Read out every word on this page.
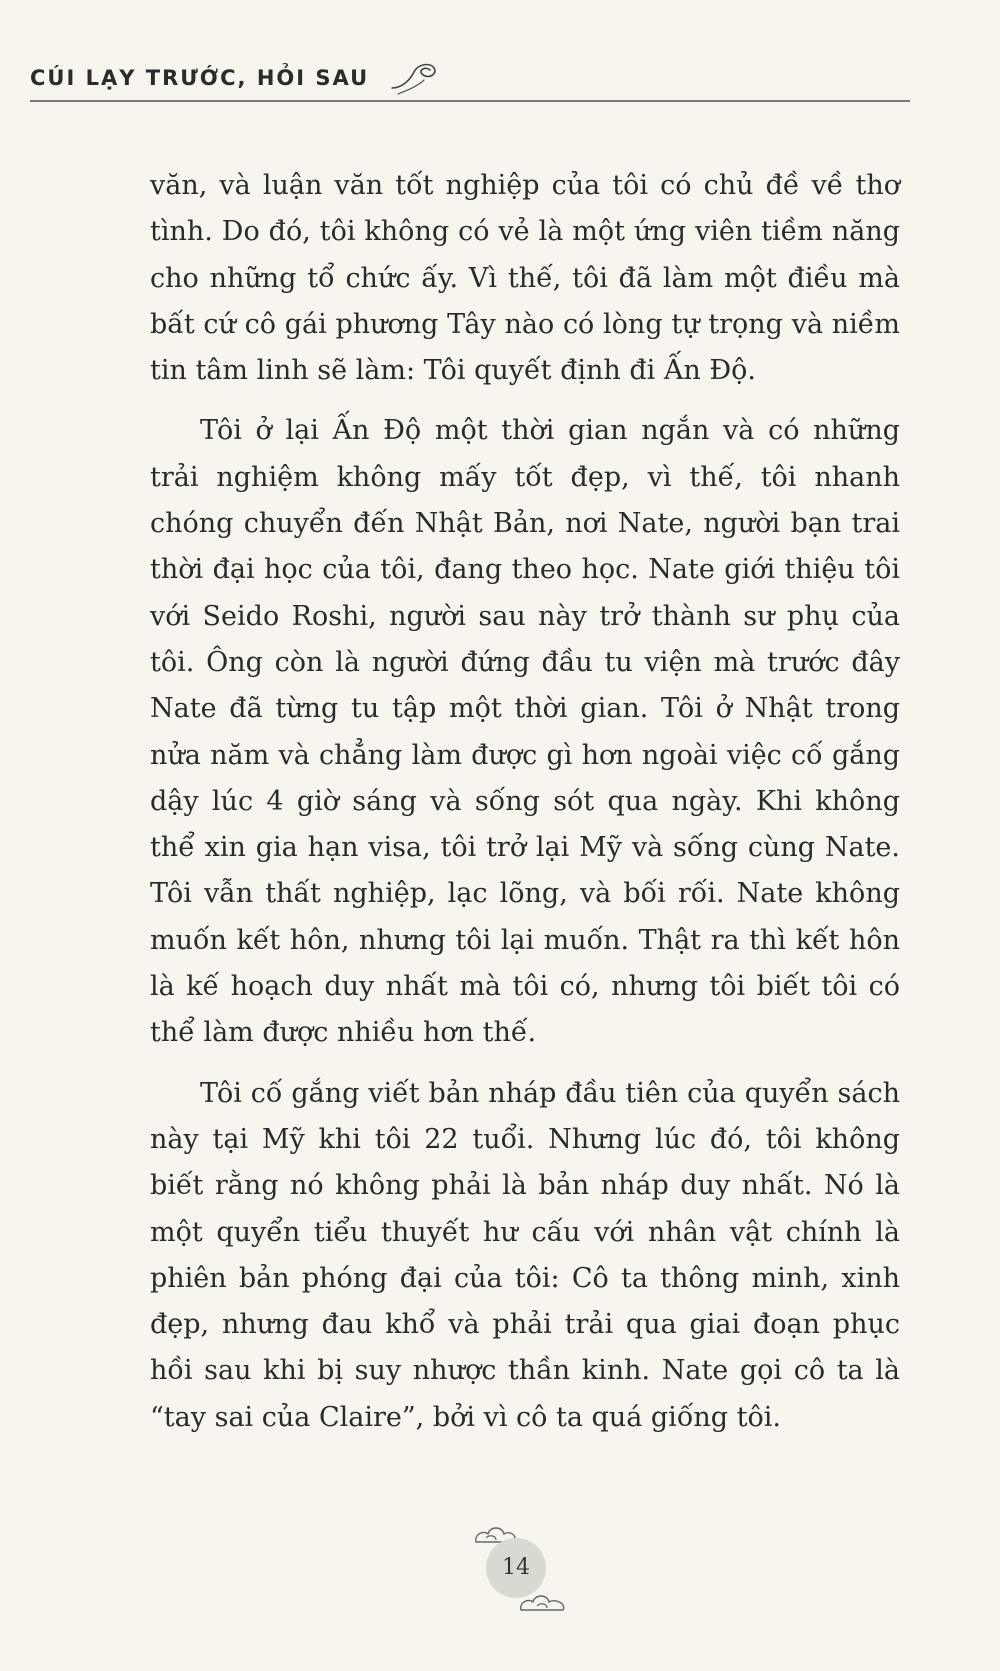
CÚI LẠY TRƯỚC, HỎI SAU

văn, và luận văn tốt nghiệp của tôi có chủ đề về thơ tình. Do đó, tôi không có vẻ là một ứng viên tiềm năng cho những tổ chức ấy. Vì thế, tôi đã làm một điều mà bất cứ cô gái phương Tây nào có lòng tự trọng và niềm tin tâm linh sẽ làm: Tôi quyết định đi Ấn Độ.

Tôi ở lại Ấn Độ một thời gian ngắn và có những trải nghiệm không mấy tốt đẹp, vì thế, tôi nhanh chóng chuyển đến Nhật Bản, nơi Nate, người bạn trai thời đại học của tôi, đang theo học. Nate giới thiệu tôi với Seido Roshi, người sau này trở thành sư phụ của tôi. Ông còn là người đứng đầu tu viện mà trước đây Nate đã từng tu tập một thời gian. Tôi ở Nhật trong nửa năm và chẳng làm được gì hơn ngoài việc cố gắng dậy lúc 4 giờ sáng và sống sót qua ngày. Khi không thể xin gia hạn visa, tôi trở lại Mỹ và sống cùng Nate. Tôi vẫn thất nghiệp, lạc lõng, và bối rối. Nate không muốn kết hôn, nhưng tôi lại muốn. Thật ra thì kết hôn là kế hoạch duy nhất mà tôi có, nhưng tôi biết tôi có thể làm được nhiều hơn thế.

Tôi cố gắng viết bản nháp đầu tiên của quyển sách này tại Mỹ khi tôi 22 tuổi. Nhưng lúc đó, tôi không biết rằng nó không phải là bản nháp duy nhất. Nó là một quyển tiểu thuyết hư cấu với nhân vật chính là phiên bản phóng đại của tôi: Cô ta thông minh, xinh đẹp, nhưng đau khổ và phải trải qua giai đoạn phục hồi sau khi bị suy nhược thần kinh. Nate gọi cô ta là “tay sai của Claire”, bởi vì cô ta quá giống tôi.

14
